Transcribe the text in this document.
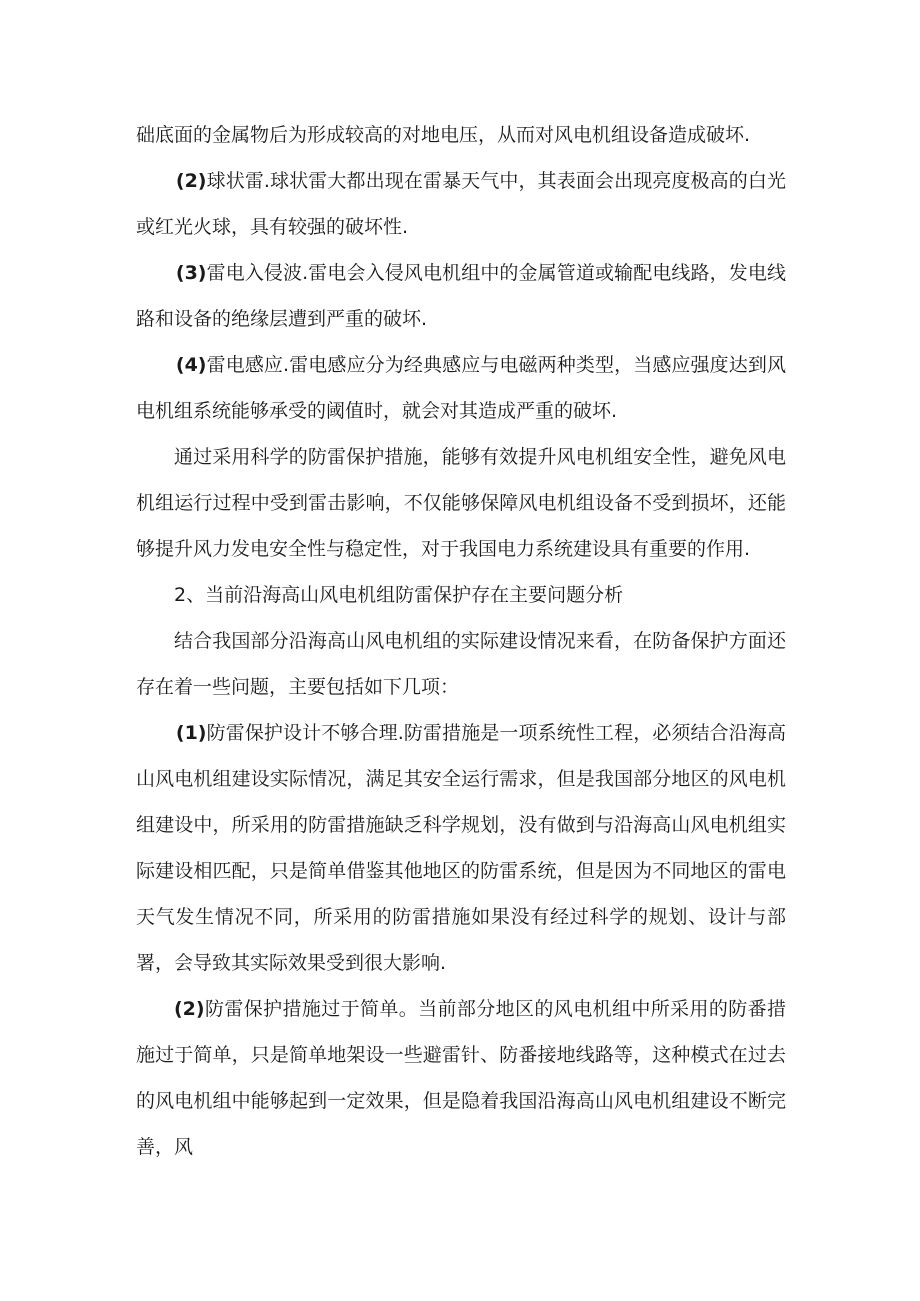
础底面的金属物后为形成较高的对地电压，从而对风电机组设备造成破坏.

(2)球状雷.球状雷大都出现在雷暴天气中，其表面会出现亮度极高的白光或红光火球，具有较强的破坏性.

(3)雷电入侵波.雷电会入侵风电机组中的金属管道或输配电线路，发电线路和设备的绝缘层遭到严重的破坏.

(4)雷电感应.雷电感应分为经典感应与电磁两种类型，当感应强度达到风电机组系统能够承受的阈值时，就会对其造成严重的破坏.

通过采用科学的防雷保护措施，能够有效提升风电机组安全性，避免风电机组运行过程中受到雷击影响，不仅能够保障风电机组设备不受到损坏，还能够提升风力发电安全性与稳定性，对于我国电力系统建设具有重要的作用.

2、当前沿海高山风电机组防雷保护存在主要问题分析

结合我国部分沿海高山风电机组的实际建设情况来看，在防备保护方面还存在着一些问题，主要包括如下几项：

(1)防雷保护设计不够合理.防雷措施是一项系统性工程，必须结合沿海高山风电机组建设实际情况，满足其安全运行需求，但是我国部分地区的风电机组建设中，所采用的防雷措施缺乏科学规划，没有做到与沿海高山风电机组实际建设相匹配，只是简单借鉴其他地区的防雷系统，但是因为不同地区的雷电天气发生情况不同，所采用的防雷措施如果没有经过科学的规划、设计与部署，会导致其实际效果受到很大影响.

(2)防雷保护措施过于简单。当前部分地区的风电机组中所采用的防番措施过于简单，只是简单地架设一些避雷针、防番接地线路等，这种模式在过去的风电机组中能够起到一定效果，但是隐着我国沿海高山风电机组建设不断完善，风
